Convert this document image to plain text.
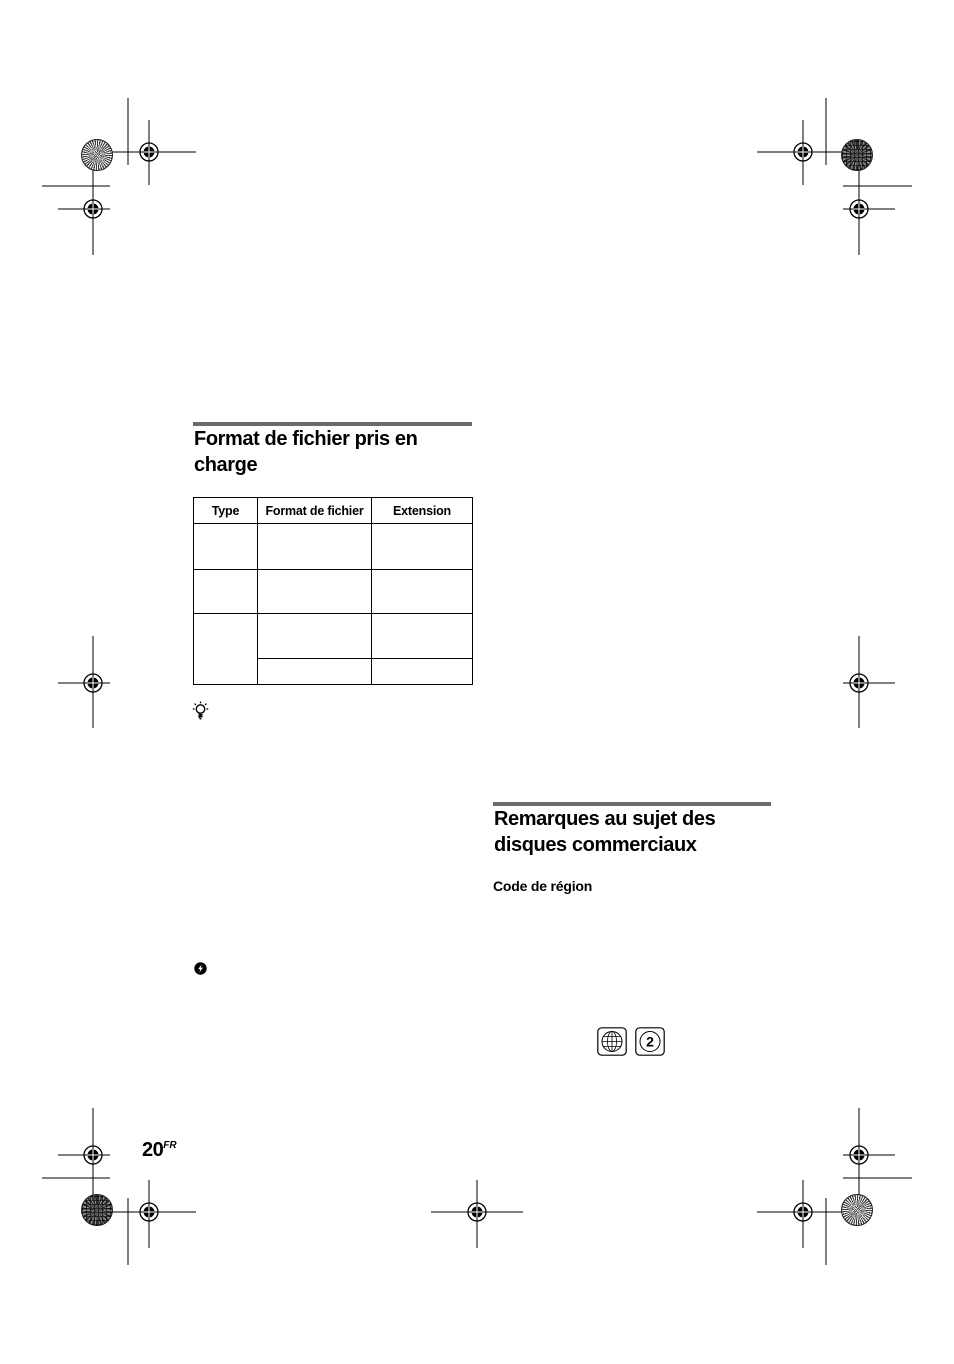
Format de fichier pris en charge
Type	Format de fichier	Extension

Remarques au sujet des disques commerciaux
Code de région
2
$20^{FR}$
